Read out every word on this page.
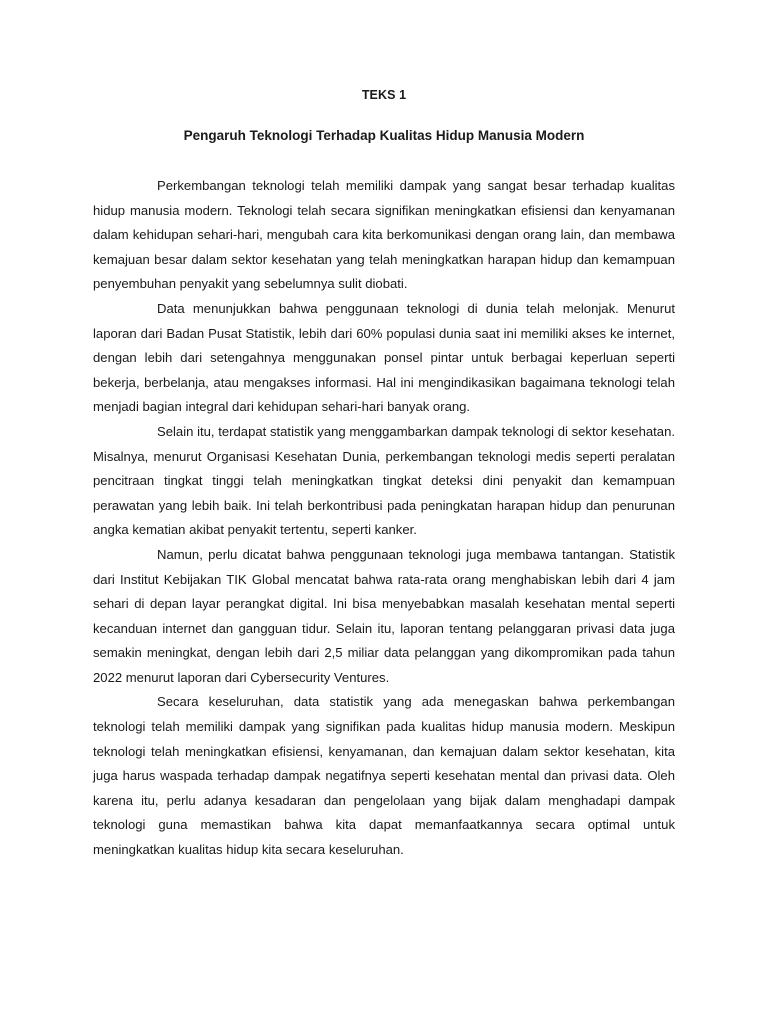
TEKS 1
Pengaruh Teknologi Terhadap Kualitas Hidup Manusia Modern

Perkembangan teknologi telah memiliki dampak yang sangat besar terhadap kualitas hidup manusia modern. Teknologi telah secara signifikan meningkatkan efisiensi dan kenyamanan dalam kehidupan sehari-hari, mengubah cara kita berkomunikasi dengan orang lain, dan membawa kemajuan besar dalam sektor kesehatan yang telah meningkatkan harapan hidup dan kemampuan penyembuhan penyakit yang sebelumnya sulit diobati.

Data menunjukkan bahwa penggunaan teknologi di dunia telah melonjak. Menurut laporan dari Badan Pusat Statistik, lebih dari 60% populasi dunia saat ini memiliki akses ke internet, dengan lebih dari setengahnya menggunakan ponsel pintar untuk berbagai keperluan seperti bekerja, berbelanja, atau mengakses informasi. Hal ini mengindikasikan bagaimana teknologi telah menjadi bagian integral dari kehidupan sehari-hari banyak orang.

Selain itu, terdapat statistik yang menggambarkan dampak teknologi di sektor kesehatan. Misalnya, menurut Organisasi Kesehatan Dunia, perkembangan teknologi medis seperti peralatan pencitraan tingkat tinggi telah meningkatkan tingkat deteksi dini penyakit dan kemampuan perawatan yang lebih baik. Ini telah berkontribusi pada peningkatan harapan hidup dan penurunan angka kematian akibat penyakit tertentu, seperti kanker.

Namun, perlu dicatat bahwa penggunaan teknologi juga membawa tantangan. Statistik dari Institut Kebijakan TIK Global mencatat bahwa rata-rata orang menghabiskan lebih dari 4 jam sehari di depan layar perangkat digital. Ini bisa menyebabkan masalah kesehatan mental seperti kecanduan internet dan gangguan tidur. Selain itu, laporan tentang pelanggaran privasi data juga semakin meningkat, dengan lebih dari 2,5 miliar data pelanggan yang dikompromikan pada tahun 2022 menurut laporan dari Cybersecurity Ventures.

Secara keseluruhan, data statistik yang ada menegaskan bahwa perkembangan teknologi telah memiliki dampak yang signifikan pada kualitas hidup manusia modern. Meskipun teknologi telah meningkatkan efisiensi, kenyamanan, dan kemajuan dalam sektor kesehatan, kita juga harus waspada terhadap dampak negatifnya seperti kesehatan mental dan privasi data. Oleh karena itu, perlu adanya kesadaran dan pengelolaan yang bijak dalam menghadapi dampak teknologi guna memastikan bahwa kita dapat memanfaatkannya secara optimal untuk meningkatkan kualitas hidup kita secara keseluruhan.
